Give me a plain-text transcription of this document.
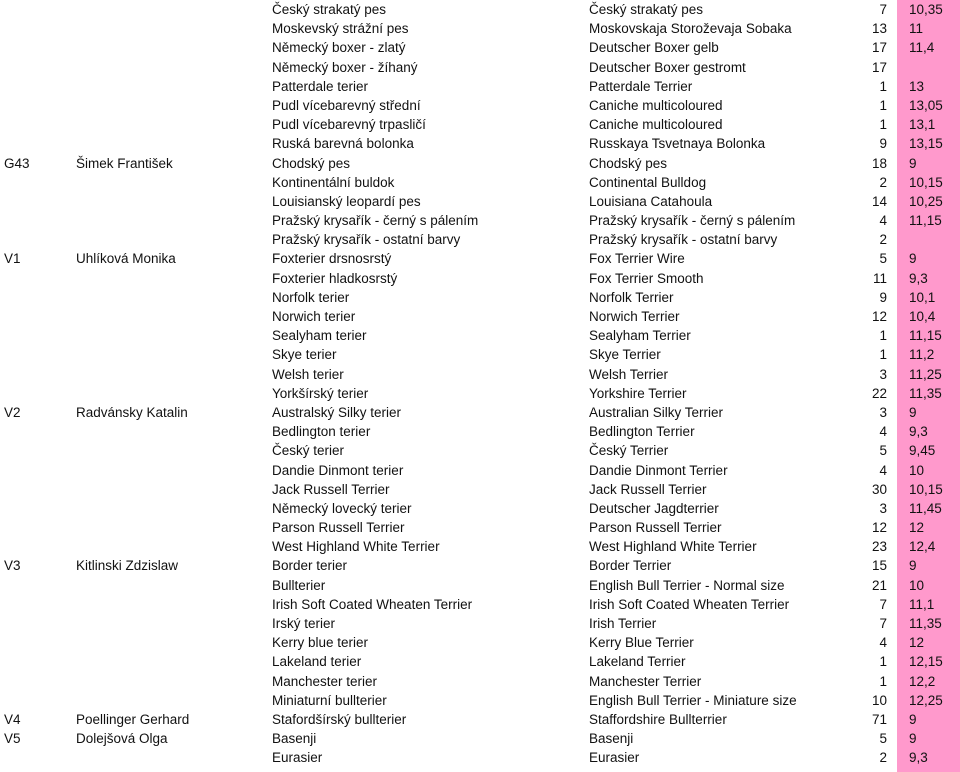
Český strakatý pes	Český strakatý pes	7 10,35
Moskevský strážní pes	Moskovskaja Storoževaja Sobaka	13 11
Německý boxer - zlatý	Deutscher Boxer gelb	17 11,4
Německý boxer - žíhaný	Deutscher Boxer gestromt	17
Patterdale terier	Patterdale Terrier	1 13
Pudl vícebarevný střední	Caniche multicoloured	1 13,05
Pudl vícebarevný trpasličí	Caniche multicoloured	1 13,1
Ruská barevná bolonka	Russkaya Tsvetnaya Bolonka	9 13,15
G43	Šimek František	Chodský pes	Chodský pes	18 9
Kontinentální buldok	Continental Bulldog	2 10,15
Louisianský leopardí pes	Louisiana Catahoula	14 10,25
Pražský krysařík - černý s pálením	Pražský krysařík - černý s pálením	4 11,15
Pražský krysařík - ostatní barvy	Pražský krysařík - ostatní barvy	2
V1	Uhlíková Monika	Foxterier drsnosrstý	Fox Terrier Wire	5 9
Foxterier hladkosrstý	Fox Terrier Smooth	11 9,3
Norfolk terier	Norfolk Terrier	9 10,1
Norwich terier	Norwich Terrier	12 10,4
Sealyham terier	Sealyham Terrier	1 11,15
Skye terier	Skye Terrier	1 11,2
Welsh terier	Welsh Terrier	3 11,25
Yorkšírský terier	Yorkshire Terrier	22 11,35
V2	Radvánsky Katalin	Australský Silky terier	Australian Silky Terrier	3 9
Bedlington terier	Bedlington Terrier	4 9,3
Český terier	Český Terrier	5 9,45
Dandie Dinmont terier	Dandie Dinmont Terrier	4 10
Jack Russell Terrier	Jack Russell Terrier	30 10,15
Německý lovecký terier	Deutscher Jagdterrier	3 11,45
Parson Russell Terrier	Parson Russell Terrier	12 12
West Highland White Terrier	West Highland White Terrier	23 12,4
V3	Kitlinski Zdzislaw	Border terier	Border Terrier	15 9
Bullterier	English Bull Terrier - Normal size	21 10
Irish Soft Coated Wheaten Terrier	Irish Soft Coated Wheaten Terrier	7 11,1
Irský terier	Irish Terrier	7 11,35
Kerry blue terier	Kerry Blue Terrier	4 12
Lakeland terier	Lakeland Terrier	1 12,15
Manchester terier	Manchester Terrier	1 12,2
Miniaturní bullterier	English Bull Terrier - Miniature size	10 12,25
V4	Poellinger Gerhard	Stafordšírský bullterier	Staffordshire Bullterrier	71 9
V5	Dolejšová Olga	Basenji	Basenji	5 9
Eurasier	Eurasier	2 9,3
